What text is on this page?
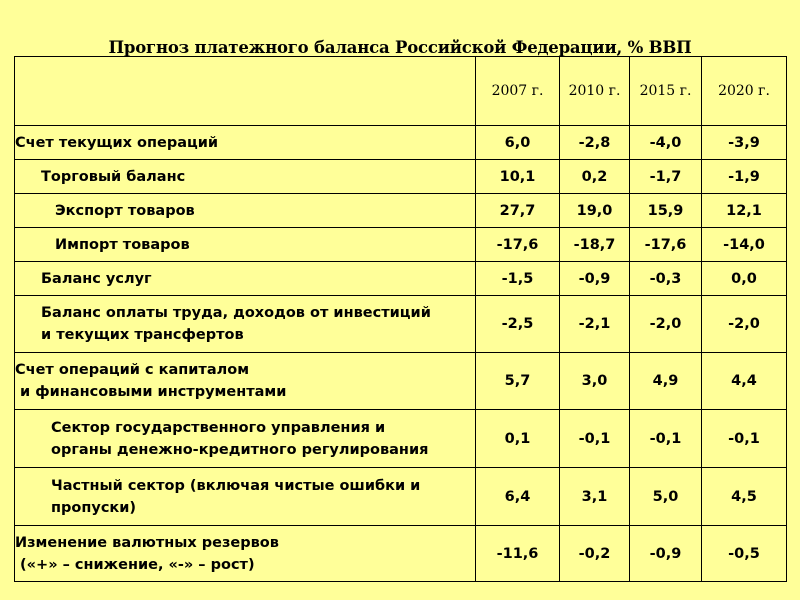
Прогноз платежного баланса Российской Федерации, % ВВП
	2007 г.	2010 г.	2015 г.	2020 г.

Счет текущих операций	6,0	-2,8	-4,0	-3,9

Торговый баланс	10,1	0,2	-1,7	-1,9

Экспорт товаров	27,7	19,0	15,9	12,1

Импорт товаров	-17,6	-18,7	-17,6	-14,0

Баланс услуг	-1,5	-0,9	-0,3	0,0

Баланс оплаты труда, доходов от инвестиций
и текущих трансфертов	-2,5	-2,1	-2,0	-2,0

Счет операций с капиталом
и финансовыми инструментами	5,7	3,0	4,9	4,4

Сектор государственного управления и
органы денежно-кредитного регулирования	0,1	-0,1	-0,1	-0,1

Частный сектор (включая чистые ошибки и
пропуски)	6,4	3,1	5,0	4,5

Изменение валютных резервов
(«+» – снижение, «-» – рост)	-11,6	-0,2	-0,9	-0,5
